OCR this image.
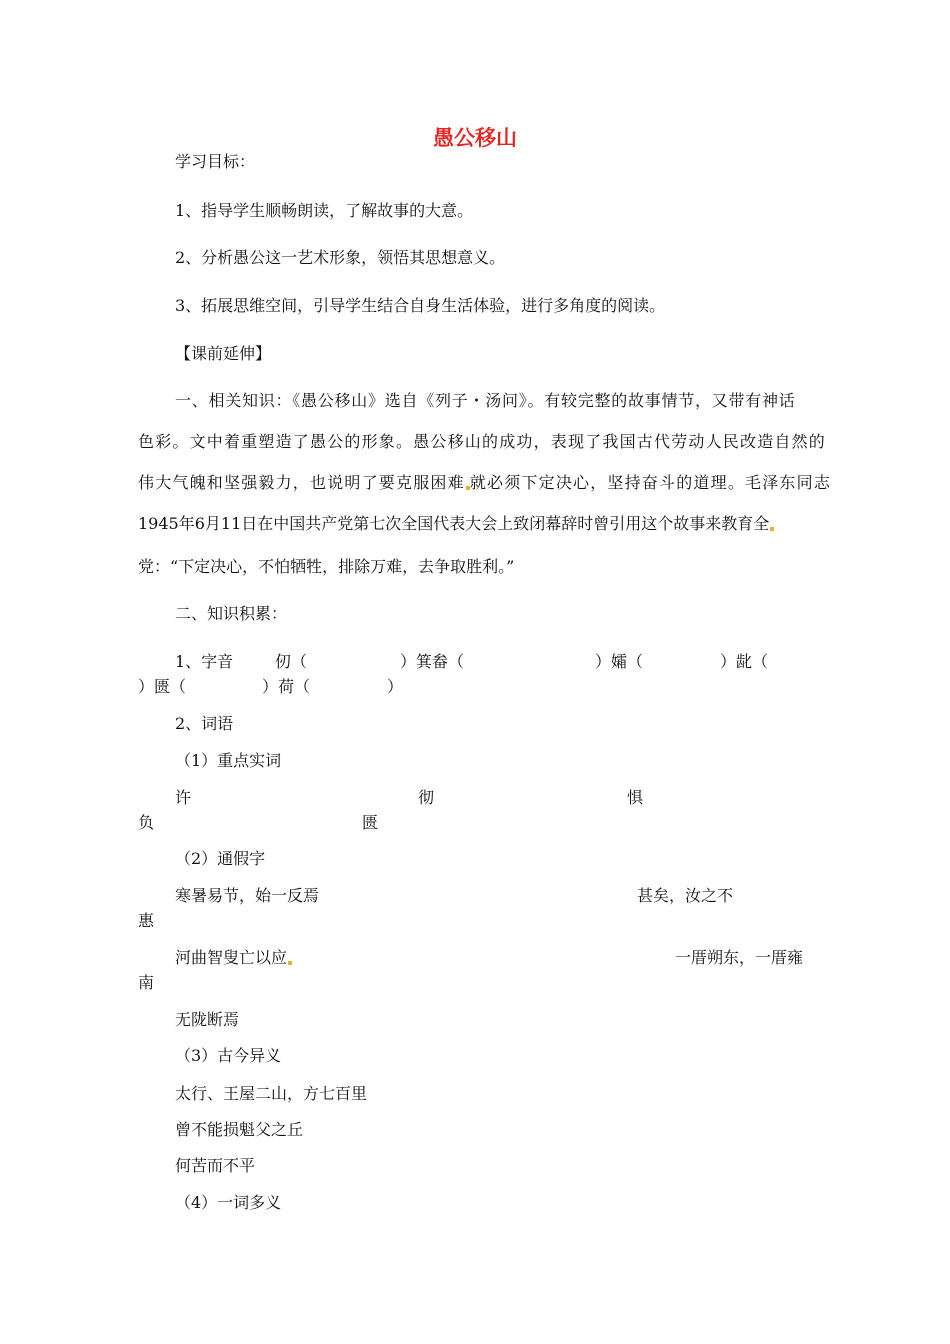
愚公移山
学习目标：
1、指导学生顺畅朗读，了解故事的大意。
2、分析愚公这一艺术形象，领悟其思想意义。
3、拓展思维空间，引导学生结合自身生活体验，进行多角度的阅读。
【课前延伸】
一、相关知识：《愚公移山》选自《列子・汤问》。有较完整的故事情节，又带有神话
色彩。文中着重塑造了愚公的形象。愚公移山的成功，表现了我国古代劳动人民改造自然的
伟大气魄和坚强毅力，也说明了要克服困难 就必须下定决心，坚持奋斗的道理。毛泽东同志
1945年6月11日在中国共产党第七次全国代表大会上致闭幕辞时曾引用这个故事来教育全
党：“下定决心，不怕牺牲，排除万难，去争取胜利。”
二、知识积累：
1、字音	仞（	）箕畚（	）孀（	）龀（
）匮（	）荷（	）
2、词语
（1）重点实词
许	彻	惧
负	匮
（2）通假字
寒暑易节，始一反焉	甚矣，汝之不
惠
河曲智叟亡以应	一厝朔东，一厝雍
南
无陇断焉
（3）古今异义
太行、王屋二山，方七百里
曾不能损魁父之丘
何苦而不平
（4）一词多义
